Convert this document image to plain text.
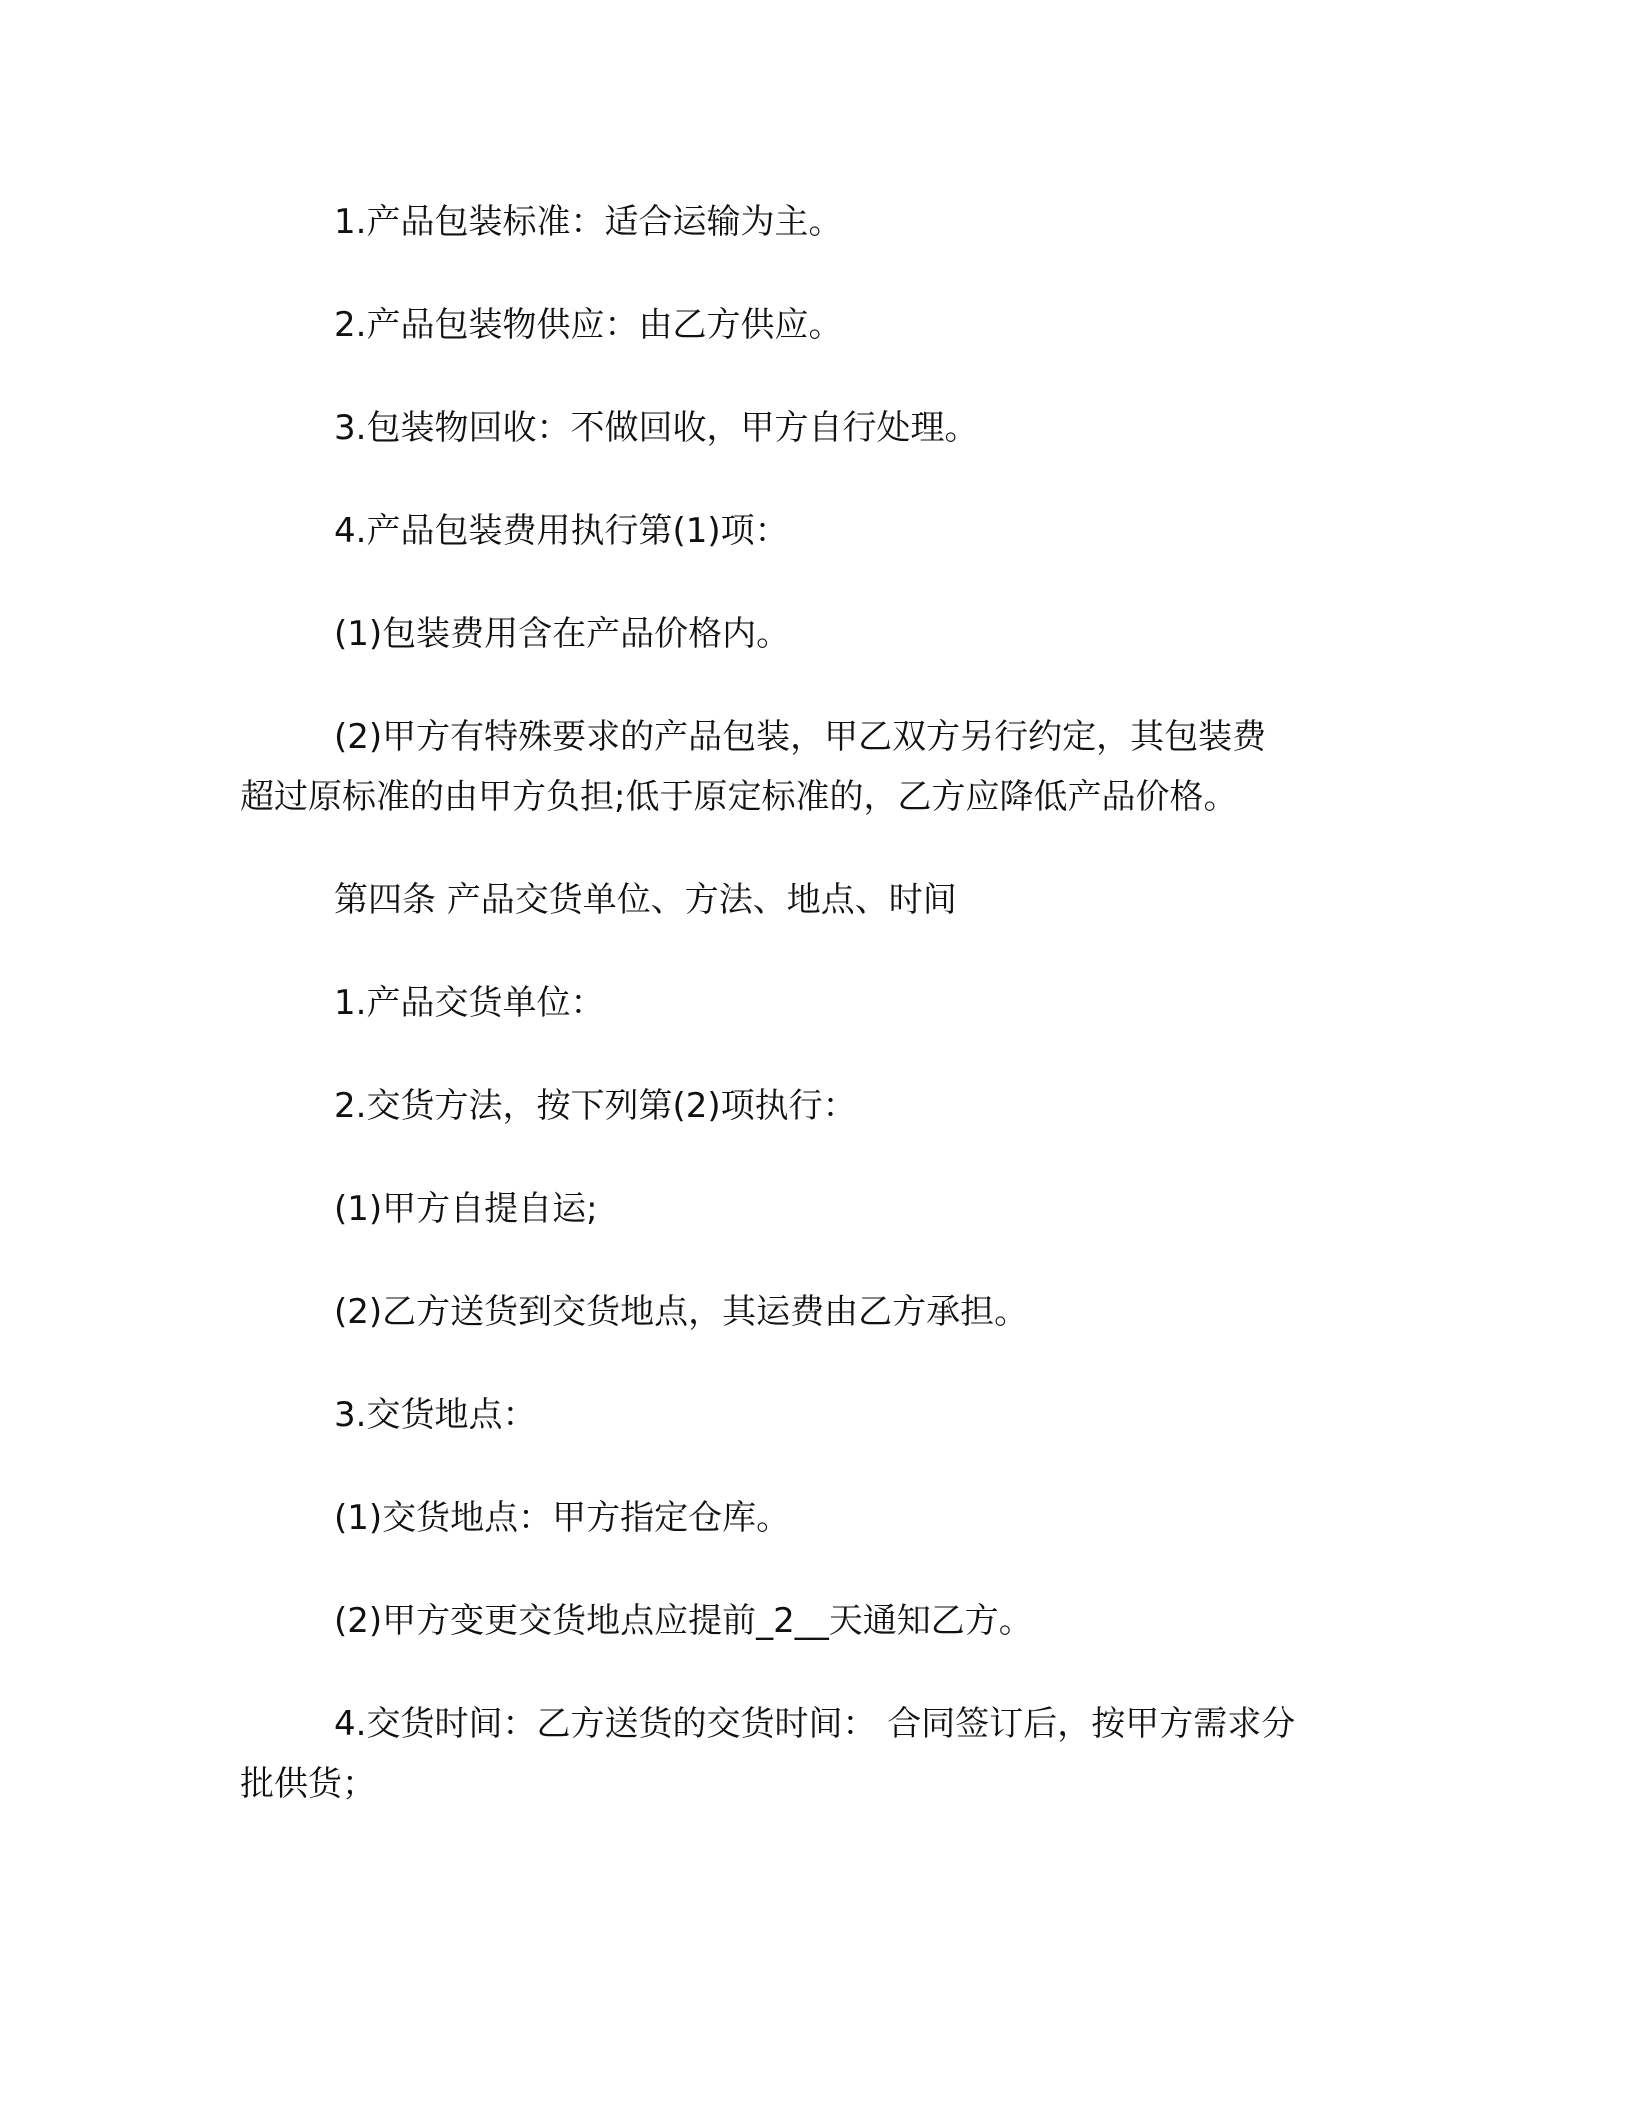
1.产品包装标准：适合运输为主。

2.产品包装物供应：由乙方供应。

3.包装物回收：不做回收，甲方自行处理。

4.产品包装费用执行第(1)项：

(1)包装费用含在产品价格内。

(2)甲方有特殊要求的产品包装，甲乙双方另行约定，其包装费
超过原标准的由甲方负担;低于原定标准的，乙方应降低产品价格。

第四条 产品交货单位、方法、地点、时间

1.产品交货单位：

2.交货方法，按下列第(2)项执行：

(1)甲方自提自运;

(2)乙方送货到交货地点，其运费由乙方承担。

3.交货地点：

(1)交货地点：甲方指定仓库。

(2)甲方变更交货地点应提前_2__天通知乙方。

4.交货时间：乙方送货的交货时间： 合同签订后，按甲方需求分
批供货；
